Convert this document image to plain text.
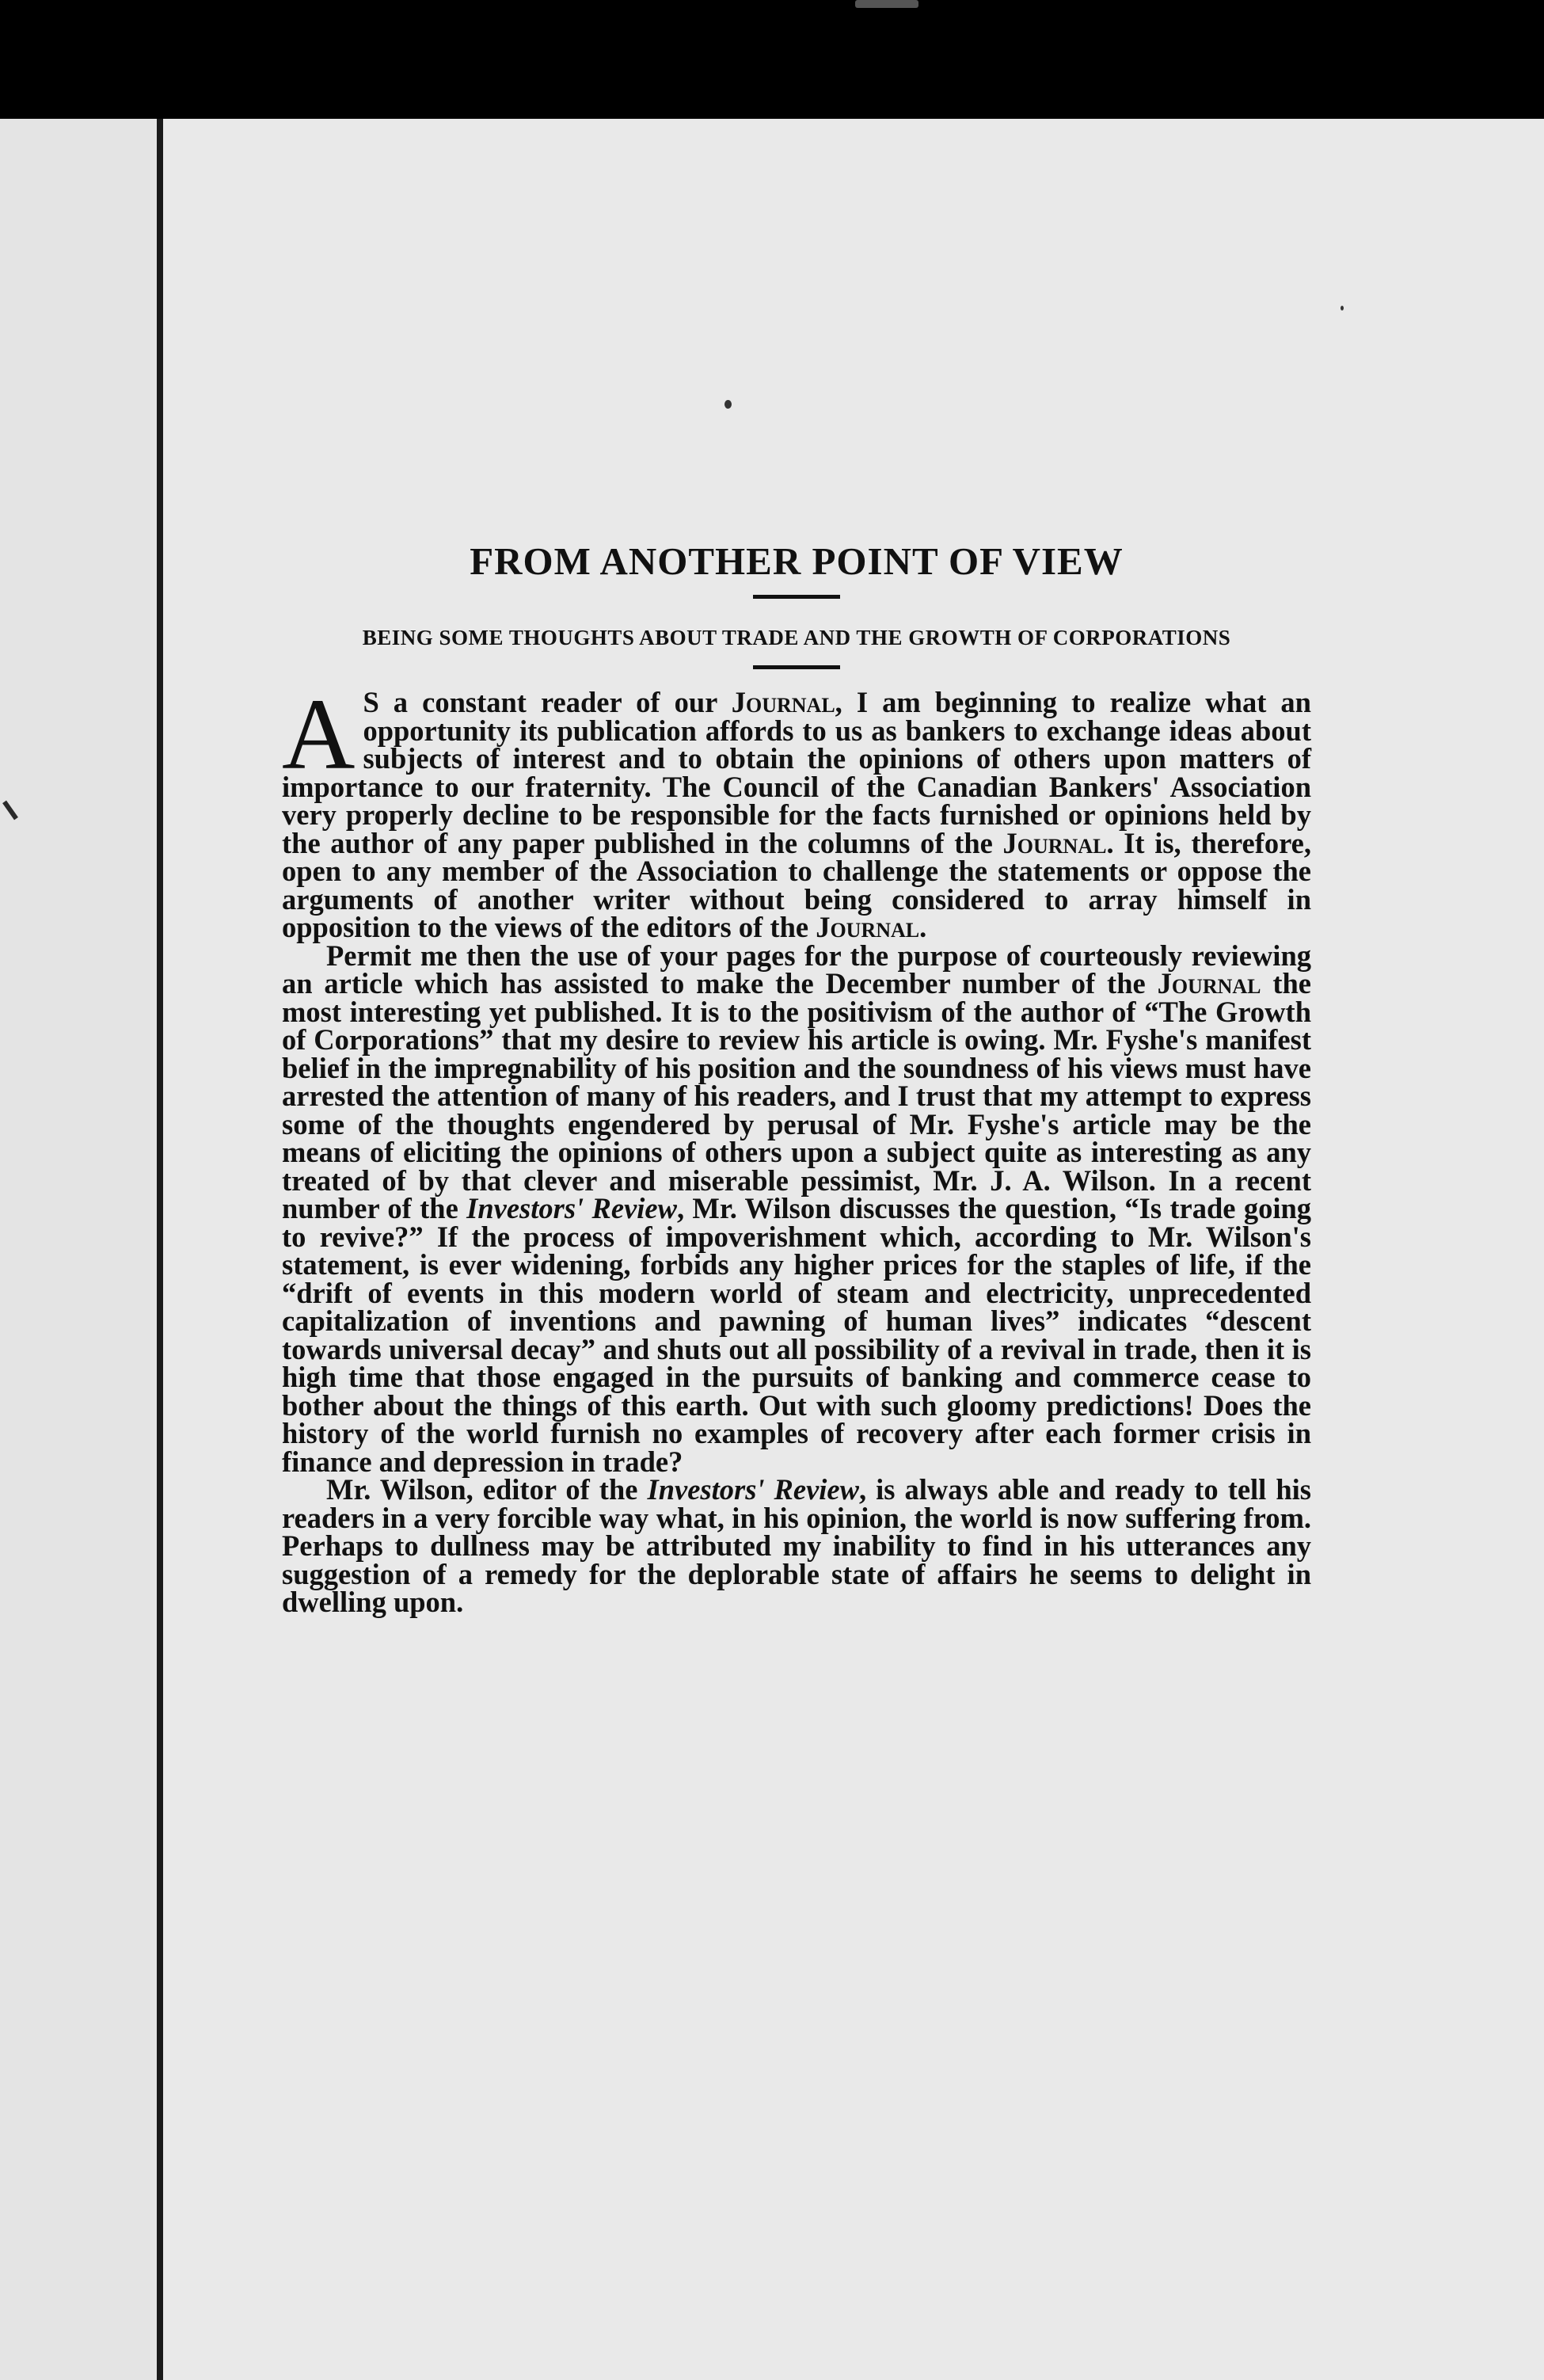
FROM ANOTHER POINT OF VIEW
BEING SOME THOUGHTS ABOUT TRADE AND THE GROWTH OF CORPORATIONS

A S a constant reader of our Journal, I am beginning to realize what an opportunity its publication affords to us as bankers to exchange ideas about subjects of interest and to obtain the opinions of others upon matters of importance to our fraternity. The Council of the Canadian Bankers' Association very properly decline to be responsible for the facts furnished or opinions held by the author of any paper published in the columns of the Journal. It is, therefore, open to any member of the Association to challenge the statements or oppose the arguments of another writer without being considered to array himself in opposition to the views of the editors of the Journal.

Permit me then the use of your pages for the purpose of courteously reviewing an article which has assisted to make the December number of the Journal the most interesting yet published. It is to the positivism of the author of “The Growth of Corporations” that my desire to review his article is owing. Mr. Fyshe's manifest belief in the impregnability of his position and the soundness of his views must have arrested the attention of many of his readers, and I trust that my attempt to express some of the thoughts engendered by perusal of Mr. Fyshe's article may be the means of eliciting the opinions of others upon a subject quite as interesting as any treated of by that clever and miserable pessimist, Mr. J. A. Wilson. In a recent number of the Investors' Review, Mr. Wilson discusses the question, “Is trade going to revive?” If the process of impoverishment which, according to Mr. Wilson's statement, is ever widening, forbids any higher prices for the staples of life, if the “drift of events in this modern world of steam and electricity, unprecedented capitalization of inventions and pawning of human lives” indicates “descent towards universal decay” and shuts out all possibility of a revival in trade, then it is high time that those engaged in the pursuits of banking and commerce cease to bother about the things of this earth. Out with such gloomy predictions! Does the history of the world furnish no examples of recovery after each former crisis in finance and depression in trade?

Mr. Wilson, editor of the Investors' Review, is always able and ready to tell his readers in a very forcible way what, in his opinion, the world is now suffering from. Perhaps to dullness may be attributed my inability to find in his utterances any suggestion of a remedy for the deplorable state of affairs he seems to delight in dwelling upon.
